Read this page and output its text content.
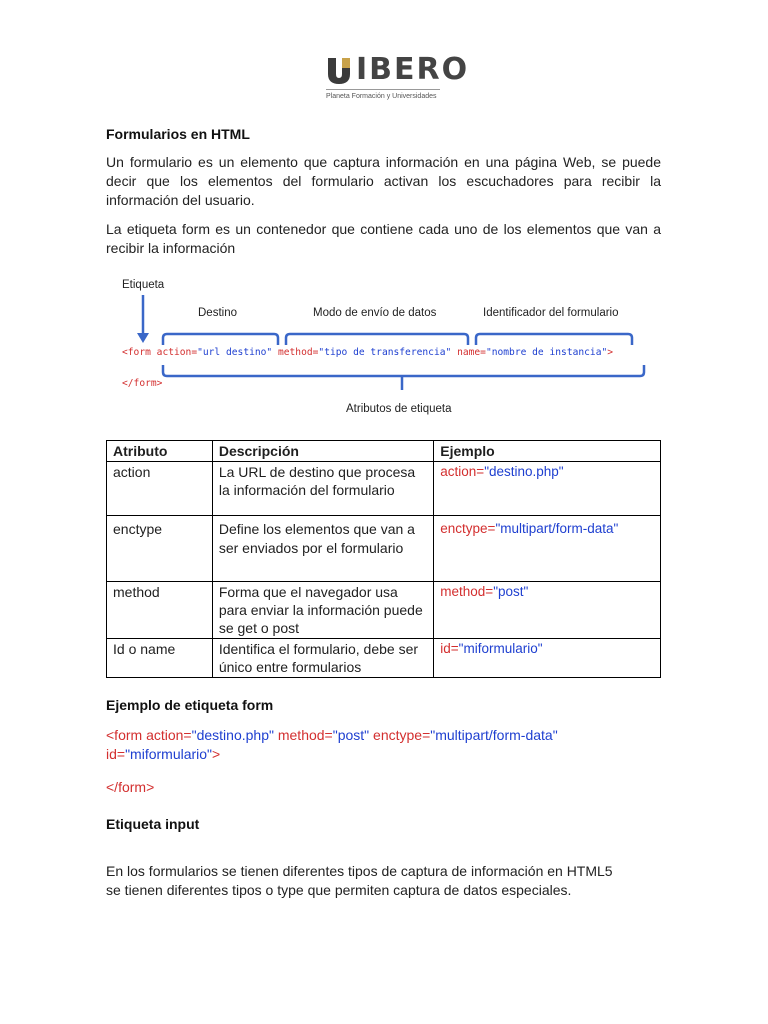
IBERO
Planeta Formación y Universidades
Formularios en HTML

Un formulario es un elemento que captura información en una página Web, se puede decir que los elementos del formulario activan los escuchadores para recibir la información del usuario.

La etiqueta form es un contenedor que contiene cada uno de los elementos que van a recibir la información

Etiqueta
Destino	Modo de envío de datos	Identificador del formulario
<form action="url destino" method="tipo de transferencia" name="nombre de instancia">
</form>
Atributos de etiqueta
Atributo	Descripción	Ejemplo
action	La URL de destino que procesa la información del formulario	action="destino.php"
enctype	Define los elementos que van a ser enviados por el formulario	enctype="multipart/form-data"
method	Forma que el navegador usa para enviar la información puede se get o post	method="post"
Id o name	Identifica el formulario, debe ser único entre formularios	id="miformulario"
Ejemplo de etiqueta form
<form action="destino.php" method="post" enctype="multipart/form-data"
id="miformulario">
</form>
Etiqueta input

En los formularios se tienen diferentes tipos de captura de información en HTML5 se tienen diferentes tipos o type que permiten captura de datos especiales.
